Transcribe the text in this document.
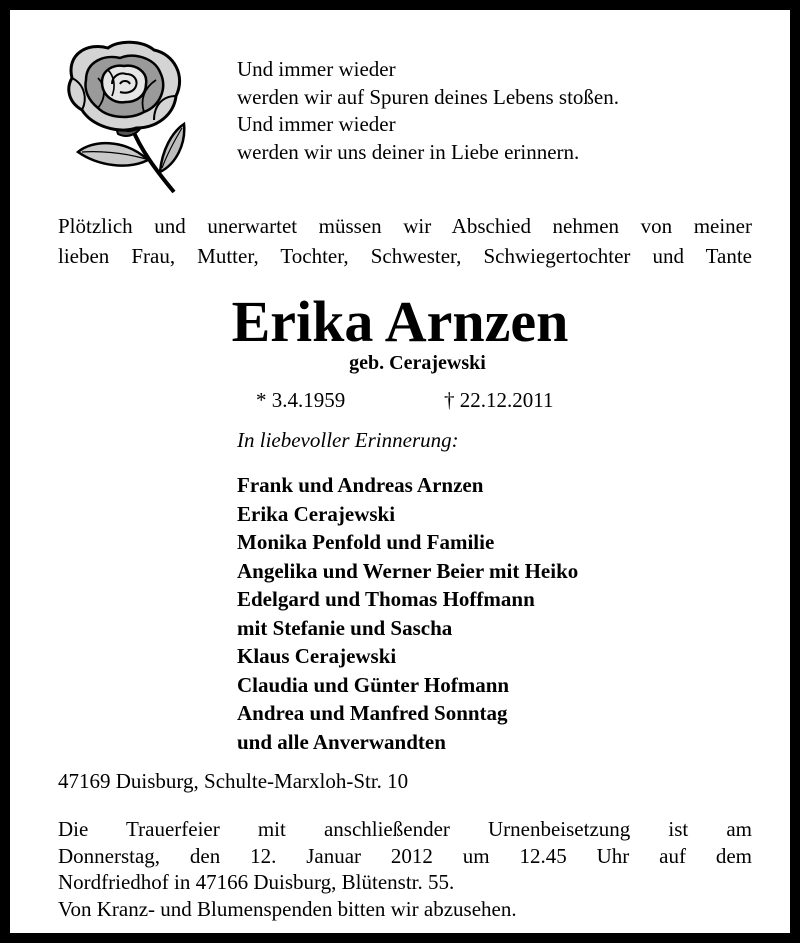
Und immer wieder
werden wir auf Spuren deines Lebens stoßen.
Und immer wieder
werden wir uns deiner in Liebe erinnern.
Plötzlich und unerwartet müssen wir Abschied nehmen von meiner
lieben Frau, Mutter, Tochter, Schwester, Schwiegertochter und Tante
Erika Arnzen
geb. Cerajewski
* 3.4.1959	† 22.12.2011
In liebevoller Erinnerung:
Frank und Andreas Arnzen
Erika Cerajewski
Monika Penfold und Familie
Angelika und Werner Beier mit Heiko
Edelgard und Thomas Hoffmann
mit Stefanie und Sascha
Klaus Cerajewski
Claudia und Günter Hofmann
Andrea und Manfred Sonntag
und alle Anverwandten
47169 Duisburg, Schulte-Marxloh-Str. 10
Die Trauerfeier mit anschließender Urnenbeisetzung ist am
Donnerstag, den 12. Januar 2012 um 12.45 Uhr auf dem
Nordfriedhof in 47166 Duisburg, Blütenstr. 55.
Von Kranz- und Blumenspenden bitten wir abzusehen.
